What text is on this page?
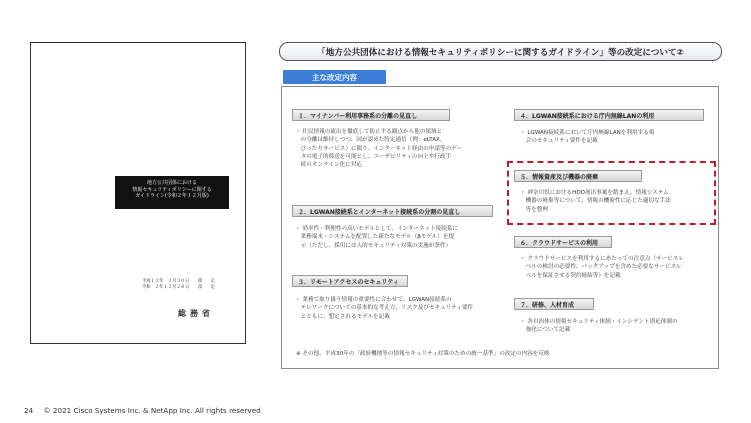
地方公共団体における
情報セキュリティポリシーに関する
ガイドライン(令和２年１２月版)
平成１３年　３月３０日　　策　　定
令和　２年１２月２８日　　改　　定
総務省
「地方公共団体における情報セキュリティポリシーに関するガイドライン」等の改定について②
主な改定内容
１．マイナンバー利用事務系の分離の見直し
・ 住民情報の流出を徹底して防止する観点から他の領域と
　の分離は維持しつつ、国が認めた特定通信（例：eLTAX、
　ぴったりサービス）に限り、インターネット経由の申請等のデー
　タの電子的移送を可能とし、ユーザビリティの向上や行政手
　続のオンライン化に対応
２．LGWAN接続系とインターネット接続系の分割の見直し
・ 効率性・利便性の高いモデルとして、インターネット接続系に
　業務端末・システムを配置した新たなモデル（βモデル）を提
　示（ただし、採用には人的セキュリティ対策の実施が条件）
３．リモートアクセスのセキュリティ
・ 業務で取り扱う情報の重要性に合わせて、LGWAN接続系の
　テレワークについての基本的な考え方、リスク及びセキュリティ要件
　とともに、想定されるモデルを記載
４．LGWAN接続系における庁内無線LANの利用
・ LGWAN接続系において庁内無線LANを利用する場
　合のセキュリティ要件を記載
５．情報資産及び機器の廃棄
・ 神奈川県におけるHDD流出事案を踏まえ、情報システム
　機器の廃棄等について、情報の機密性に応じた適切な手法
　等を整理
６．クラウドサービスの利用
・ クラウドサービスを利用するにあたっての注意点（サービスレ
　ベルの検討の必要性、バックアップを含めた必要なサービスレ
　ベルを保証させる契約締結等）を記載
７．研修、人材育成
・ 各自治体の情報セキュリティ体制・インシデント即応体制の
　強化について記載
※ その他、平成30年の「政府機関等の情報セキュリティ対策のための統一基準」の改定の内容を反映
24 © 2021 Cisco Systems Inc. & NetApp Inc. All rights reserved
